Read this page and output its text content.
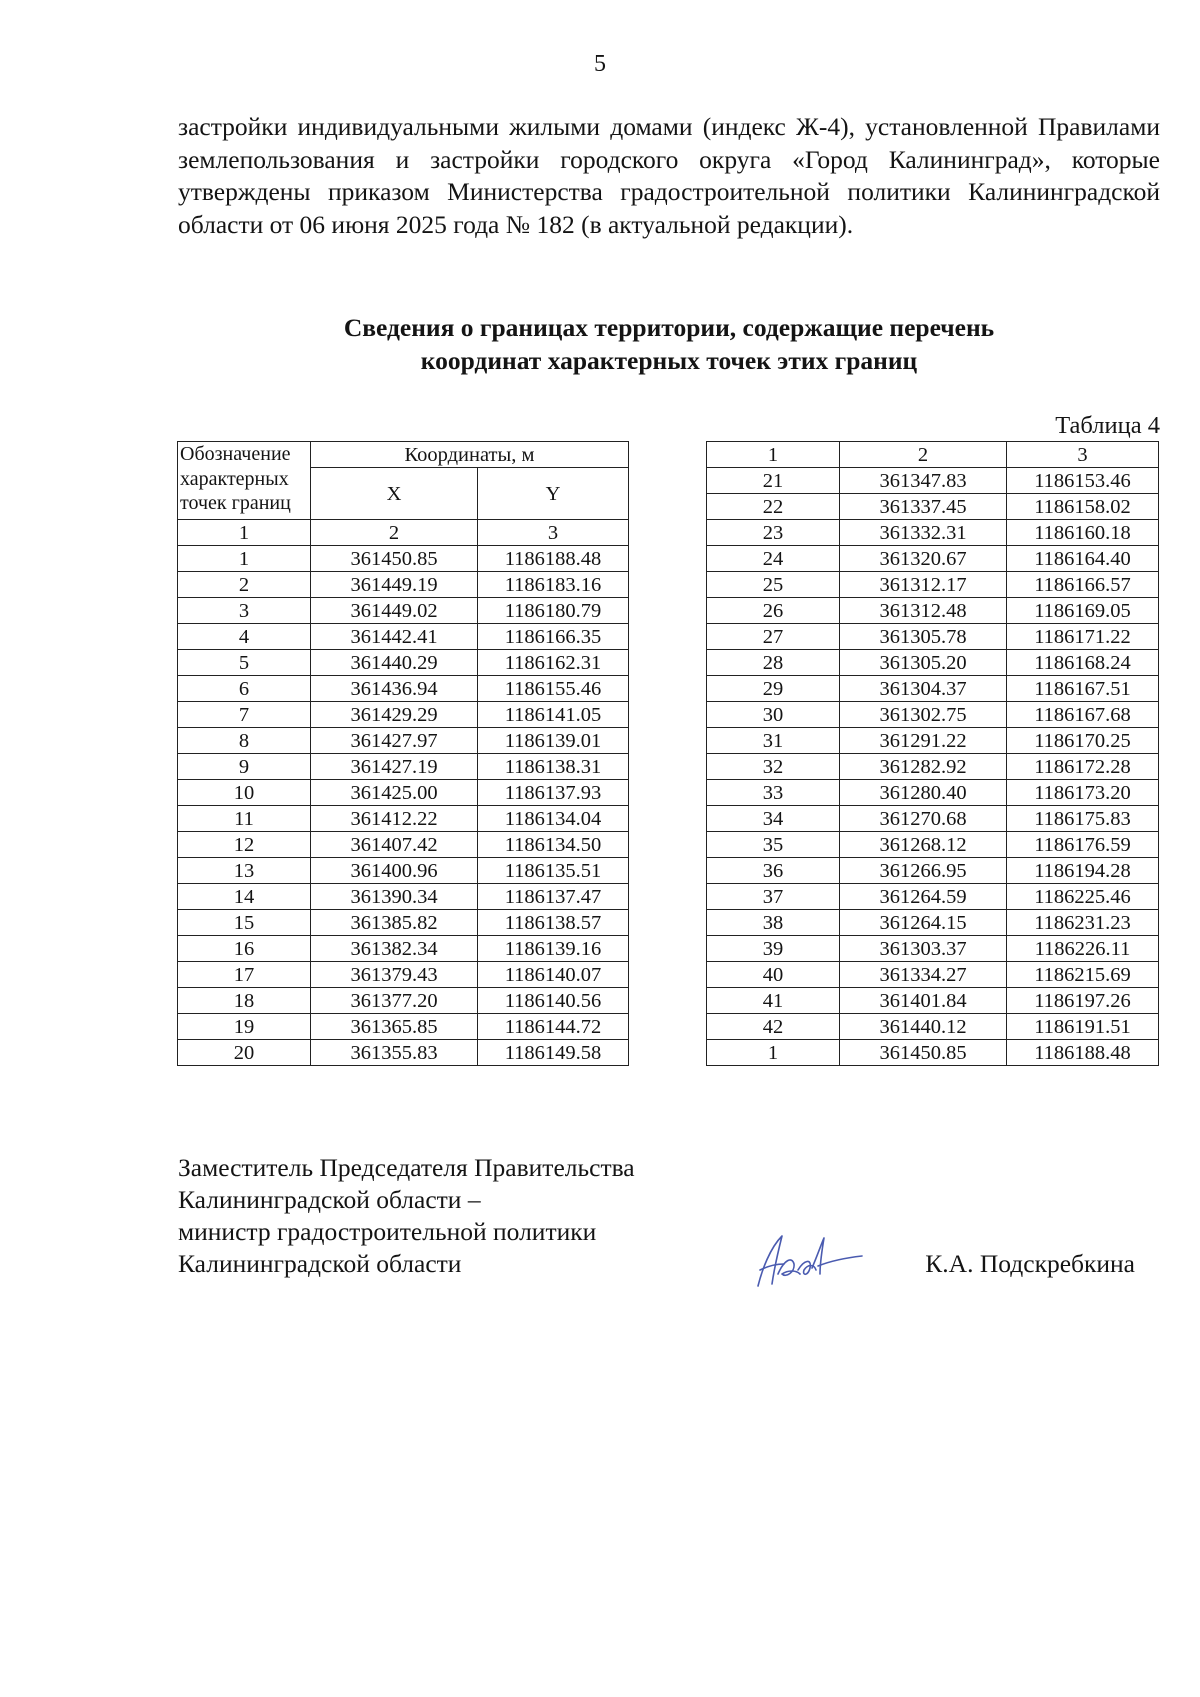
5

застройки индивидуальными жилыми домами (индекс Ж-4), установленной Правилами землепользования и застройки городского округа «Город Калининград», которые утверждены приказом Министерства градостроительной политики Калининградской области от 06 июня 2025 года № 182 (в актуальной редакции).

Сведения о границах территории, содержащие перечень
координат характерных точек этих границ
Таблица 4
Обозначение характерных точек границ	Координаты, м	
	X	Y
1	2	3
1	361450.85	1186188.48
2	361449.19	1186183.16
3	361449.02	1186180.79
4	361442.41	1186166.35
5	361440.29	1186162.31
6	361436.94	1186155.46
7	361429.29	1186141.05
8	361427.97	1186139.01
9	361427.19	1186138.31
10	361425.00	1186137.93
11	361412.22	1186134.04
12	361407.42	1186134.50
13	361400.96	1186135.51
14	361390.34	1186137.47
15	361385.82	1186138.57
16	361382.34	1186139.16
17	361379.43	1186140.07
18	361377.20	1186140.56
19	361365.85	1186144.72
20	361355.83	1186149.58
1	2	3
21	361347.83	1186153.46
22	361337.45	1186158.02
23	361332.31	1186160.18
24	361320.67	1186164.40
25	361312.17	1186166.57
26	361312.48	1186169.05
27	361305.78	1186171.22
28	361305.20	1186168.24
29	361304.37	1186167.51
30	361302.75	1186167.68
31	361291.22	1186170.25
32	361282.92	1186172.28
33	361280.40	1186173.20
34	361270.68	1186175.83
35	361268.12	1186176.59
36	361266.95	1186194.28
37	361264.59	1186225.46
38	361264.15	1186231.23
39	361303.37	1186226.11
40	361334.27	1186215.69
41	361401.84	1186197.26
42	361440.12	1186191.51
1	361450.85	1186188.48

Заместитель Председателя Правительства
Калининградской области –
министр градостроительной политики
Калининградской области	К.А. Подскребкина
